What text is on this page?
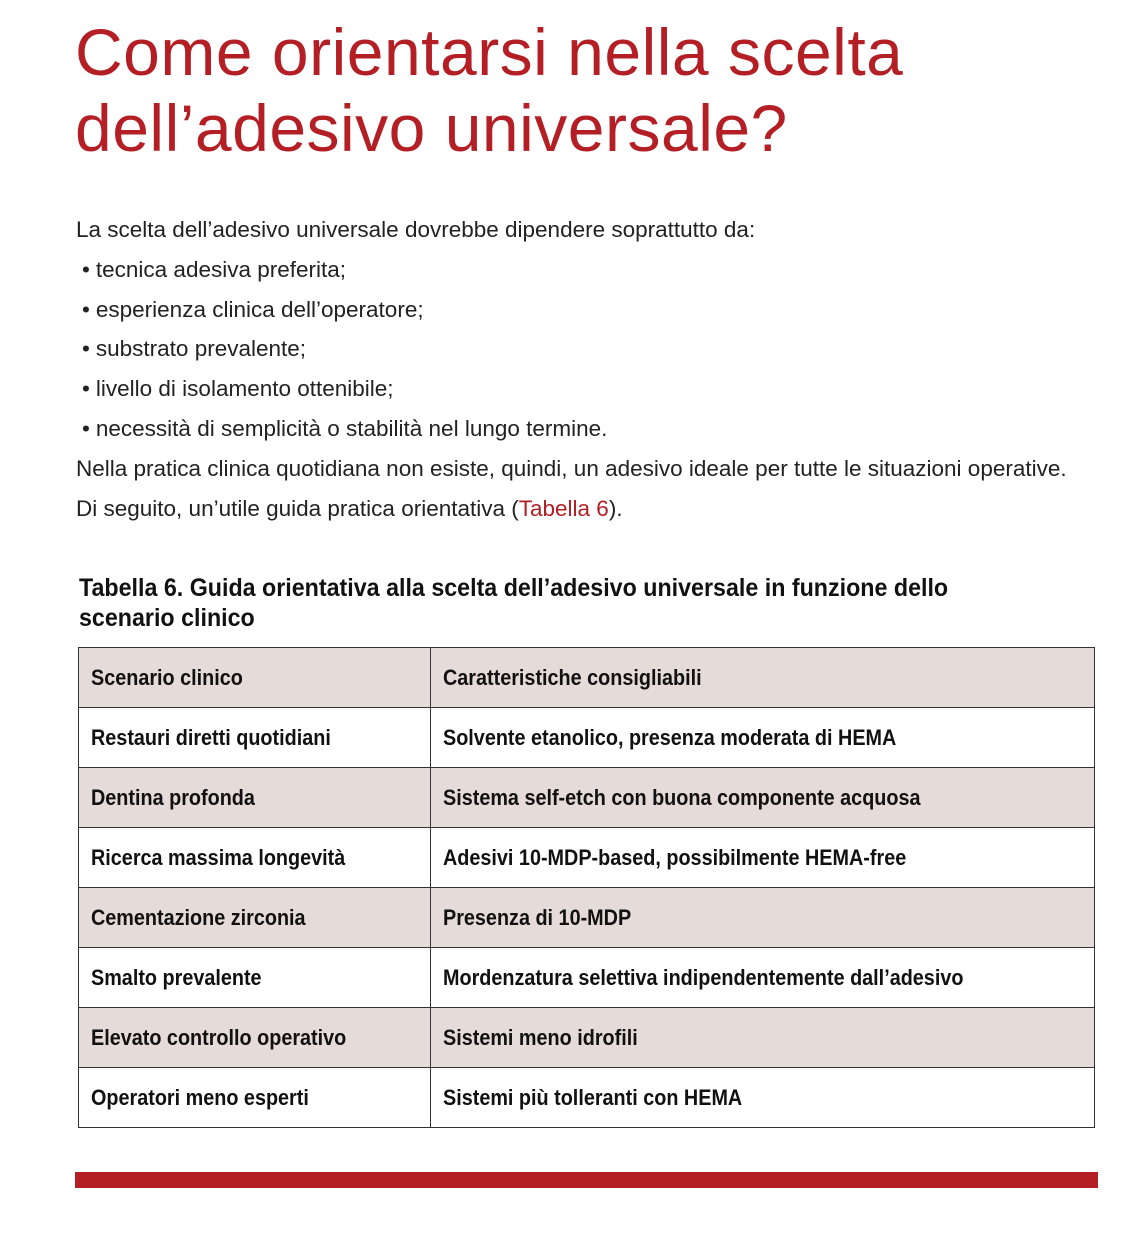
Come orientarsi nella scelta dell’adesivo universale?

La scelta dell’adesivo universale dovrebbe dipendere soprattutto da:

• tecnica adesiva preferita;
• esperienza clinica dell’operatore;
• substrato prevalente;
• livello di isolamento ottenibile;
• necessità di semplicità o stabilità nel lungo termine.

Nella pratica clinica quotidiana non esiste, quindi, un adesivo ideale per tutte le situazioni operative. Di seguito, un’utile guida pratica orientativa (Tabella 6).

Tabella 6. Guida orientativa alla scelta dell’adesivo universale in funzione dello scenario clinico
Scenario clinico	Caratteristiche consigliabili
Restauri diretti quotidiani	Solvente etanolico, presenza moderata di HEMA
Dentina profonda	Sistema self-etch con buona componente acquosa
Ricerca massima longevità	Adesivi 10-MDP-based, possibilmente HEMA-free
Cementazione zirconia	Presenza di 10-MDP
Smalto prevalente	Mordenzatura selettiva indipendentemente dall’adesivo
Elevato controllo operativo	Sistemi meno idrofili
Operatori meno esperti	Sistemi più tolleranti con HEMA
